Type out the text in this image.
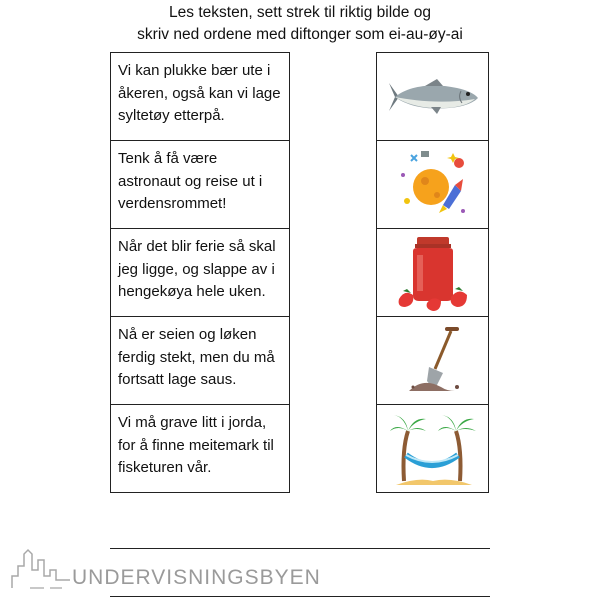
Les teksten, sett strek til riktig bilde og
skriv ned ordene med diftonger som ei-au-øy-ai
Vi kan plukke bær ute i åkeren, også kan vi lage syltetøy etterpå.
Tenk å få være astronaut og reise ut i verdensrommet!
Når det blir ferie så skal jeg ligge, og slappe av i hengekøya hele uken.
Nå er seien og løken ferdig stekt, men du må fortsatt lage saus.
Vi må grave litt i jorda, for å finne meitemark til fisketuren vår.
UNDERVISNINGSBYEN
